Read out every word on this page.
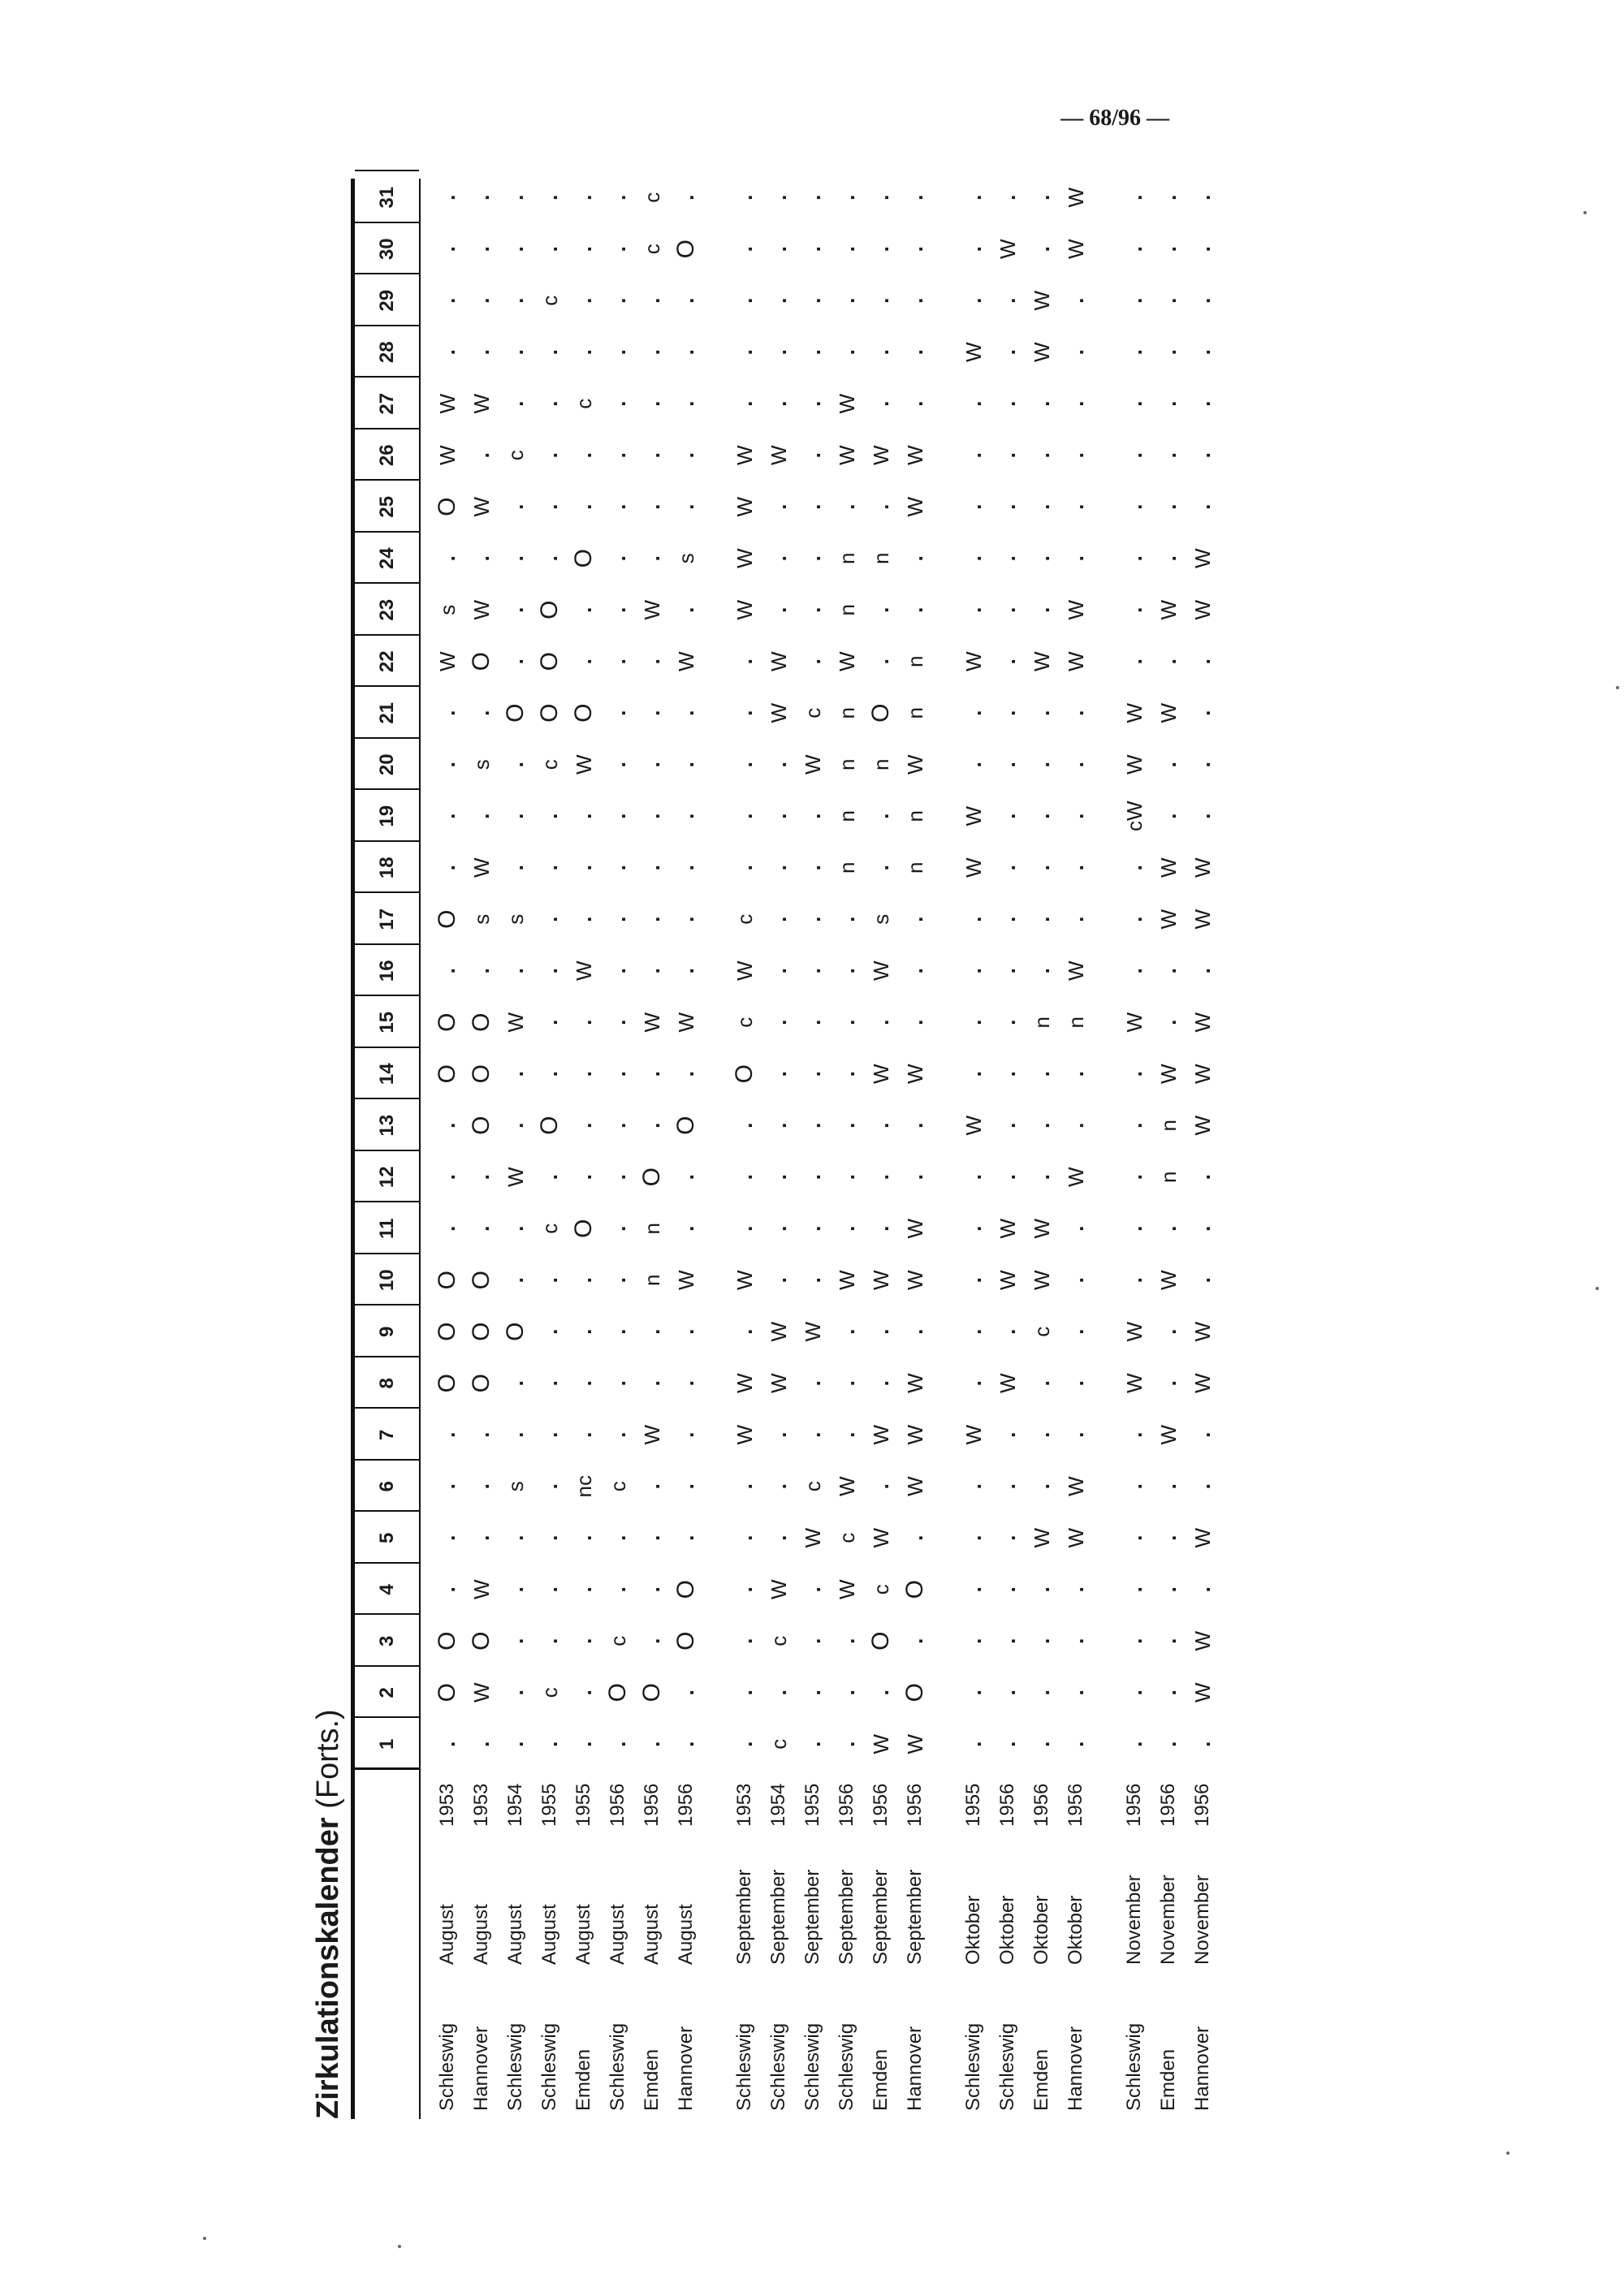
— 68/96 —
Zirkulationskalender (Forts.)	1
2
3
4
5
6
7
8
9
10
11
12
13
14
15
16
17
18
19
20
21
22
23
24
25
26
27
28
29
30
31
Schleswig
August
1953
.
O
O
.
.
.
.
O
O
O
.
.
.
O
O
.
O
.
.
.
.
W
s
.
O
W
W
.
.
.
.
Hannover
August
1953
.
W
O
W
.
.
.
O
O
O
.
.
O
O
O
.
s
W
.
s
.
O
W
.
W
.
W
.
.
.
.
Schleswig
August
1954
.
.
.
.
.
s
.
.
O
.
.
W
.
.
W
.
s
.
.
.
O
.
.
.
.
c
.
.
.
.
.
Schleswig
August
1955
.
c
.
.
.
.
.
.
.
.
c
.
O
.
.
.
.
.
.
c
O
O
O
.
.
.
.
.
c
.
.
Emden
August
1955
.
.
.
.
.
nc
.
.
.
.
O
.
.
.
.
W
.
.
.
W
O
.
.
O
.
.
c
.
.
.
.
Schleswig
August
1956
.
O
c
.
.
c
.
.
.
.
.
.
.
.
.
.
.
.
.
.
.
.
.
.
.
.
.
.
.
.
.
Emden
August
1956
.
O
.
.
.
.
W
.
.
n
n
O
.
.
W
.
.
.
.
.
.
.
W
.
.
.
.
.
.
c
c
Hannover
August
1956
.
.
O
O
.
.
.
.
.
W
.
.
O
.
W
.
.
.
.
.
.
W
.
s
.
.
.
.
.
O
.
Schleswig
September
1953
.
.
.
.
.
.
W
W
.
W
.
.
.
O
c
W
c
.
.
.
.
.
W
W
W
W
.
.
.
.
.
Schleswig
September
1954
c
.
c
W
.
.
.
W
W
.
.
.
.
.
.
.
.
.
.
.
W
W
.
.
.
W
.
.
.
.
.
Schleswig
September
1955
.
.
.
.
W
c
.
.
W
.
.
.
.
.
.
.
.
.
.
W
c
.
.
.
.
.
.
.
.
.
.
Schleswig
September
1956
.
.
.
W
c
W
.
.
.
W
.
.
.
.
.
.
.
n
n
n
n
W
n
n
.
W
W
.
.
.
.
Emden
September
1956
W
.
O
c
W
.
W
.
.
W
.
.
.
W
.
W
s
.
.
n
O
.
.
n
.
W
.
.
.
.
.
Hannover
September
1956
W
O
.
O
.
W
W
W
.
W
W
.
.
W
.
.
.
n
n
W
n
n
.
.
W
W
.
.
.
.
.
Schleswig
Oktober
1955
.
.
.
.
.
.
W
.
.
.
.
.
W
.
.
.
.
W
W
.
.
W
.
.
.
.
.
W
.
.
.
Schleswig
Oktober
1956
.
.
.
.
.
.
.
W
.
W
W
.
.
.
.
.
.
.
.
.
.
.
.
.
.
.
.
.
.
W
.
Emden
Oktober
1956
.
.
.
.
W
.
.
.
c
W
W
.
.
.
n
.
.
.
.
.
.
W
.
.
.
.
.
W
W
.
.
Hannover
Oktober
1956
.
.
.
.
W
W
.
.
.
.
.
W
.
.
n
W
.
.
.
.
.
W
W
.
.
.
.
.
.
W
W
Schleswig
November
1956
.
.
.
.
.
.
.
W
W
.
.
.
.
.
W
.
.
.
cW
W
W
.
.
.
.
.
.
.
.
.
.
Emden
November
1956
.
.
.
.
.
.
W
.
.
W
.
n
n
W
.
.
W
W
.
.
W
.
W
.
.
.
.
.
.
.
.
Hannover
November
1956
.
W
W
.
W
.
.
W
W
.
.
.
W
W
W
.
W
W
.
.
.
.
W
W
.
.
.
.
.
.
.
